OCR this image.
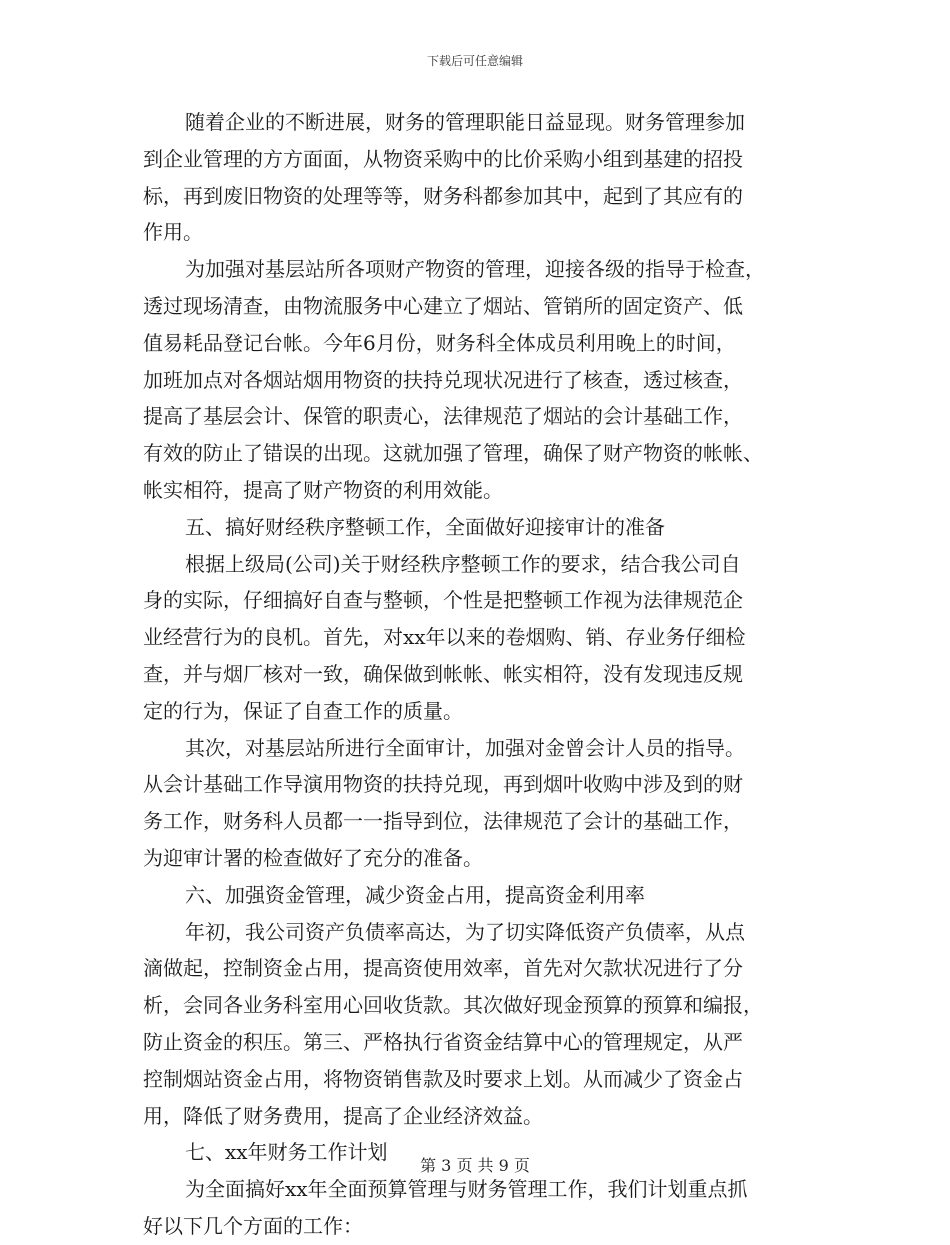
下载后可任意编辑
随着企业的不断进展，财务的管理职能日益显现。财务管理参加
到企业管理的方方面面，从物资采购中的比价采购小组到基建的招投
标，再到废旧物资的处理等等，财务科都参加其中，起到了其应有的
作用。
为加强对基层站所各项财产物资的管理，迎接各级的指导于检查，
透过现场清查，由物流服务中心建立了烟站、管销所的固定资产、低
值易耗品登记台帐。今年6月份，财务科全体成员利用晚上的时间，
加班加点对各烟站烟用物资的扶持兑现状况进行了核查，透过核查，
提高了基层会计、保管的职责心，法律规范了烟站的会计基础工作，
有效的防止了错误的出现。这就加强了管理，确保了财产物资的帐帐、
帐实相符，提高了财产物资的利用效能。
五、搞好财经秩序整顿工作，全面做好迎接审计的准备
根据上级局(公司)关于财经秩序整顿工作的要求，结合我公司自
身的实际，仔细搞好自查与整顿，个性是把整顿工作视为法律规范企
业经营行为的良机。首先，对xx年以来的卷烟购、销、存业务仔细检
查，并与烟厂核对一致，确保做到帐帐、帐实相符，没有发现违反规
定的行为，保证了自查工作的质量。
其次，对基层站所进行全面审计，加强对金曾会计人员的指导。
从会计基础工作导演用物资的扶持兑现，再到烟叶收购中涉及到的财
务工作，财务科人员都一一指导到位，法律规范了会计的基础工作，
为迎审计署的检查做好了充分的准备。
六、加强资金管理，减少资金占用，提高资金利用率
年初，我公司资产负债率高达，为了切实降低资产负债率，从点
滴做起，控制资金占用，提高资使用效率，首先对欠款状况进行了分
析，会同各业务科室用心回收货款。其次做好现金预算的预算和编报，
防止资金的积压。第三、严格执行省资金结算中心的管理规定，从严
控制烟站资金占用，将物资销售款及时要求上划。从而减少了资金占
用，降低了财务费用，提高了企业经济效益。
七、xx年财务工作计划
为全面搞好xx年全面预算管理与财务管理工作，我们计划重点抓
好以下几个方面的工作：
第 3 页 共 9 页
